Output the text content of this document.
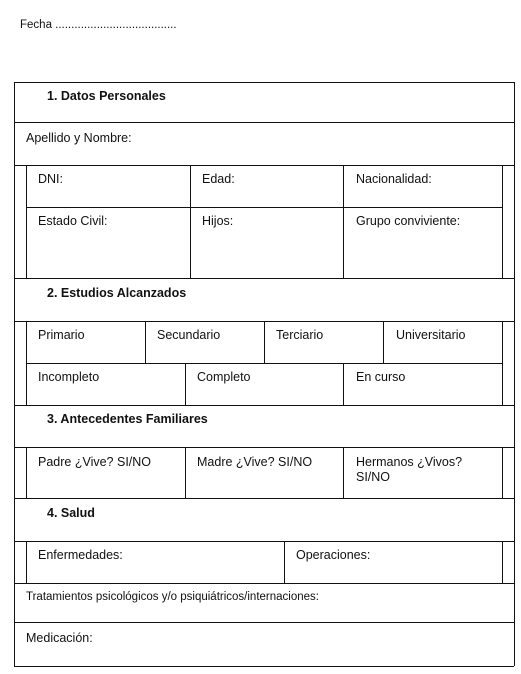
Fecha ......................................
1. Datos Personales
Apellido y Nombre:
DNI:	Edad:	Nacionalidad:
Estado Civil:	Hijos:	Grupo conviviente:
2. Estudios Alcanzados
Primario	Secundario	Terciario	Universitario
Incompleto	Completo	En curso
3. Antecedentes Familiares
Padre ¿Vive? SI/NO	Madre ¿Vive? SI/NO	Hermanos ¿Vivos? SI/NO
4. Salud
Enfermedades:	Operaciones:
Tratamientos psicológicos y/o psiquiátricos/internaciones:
Medicación:
